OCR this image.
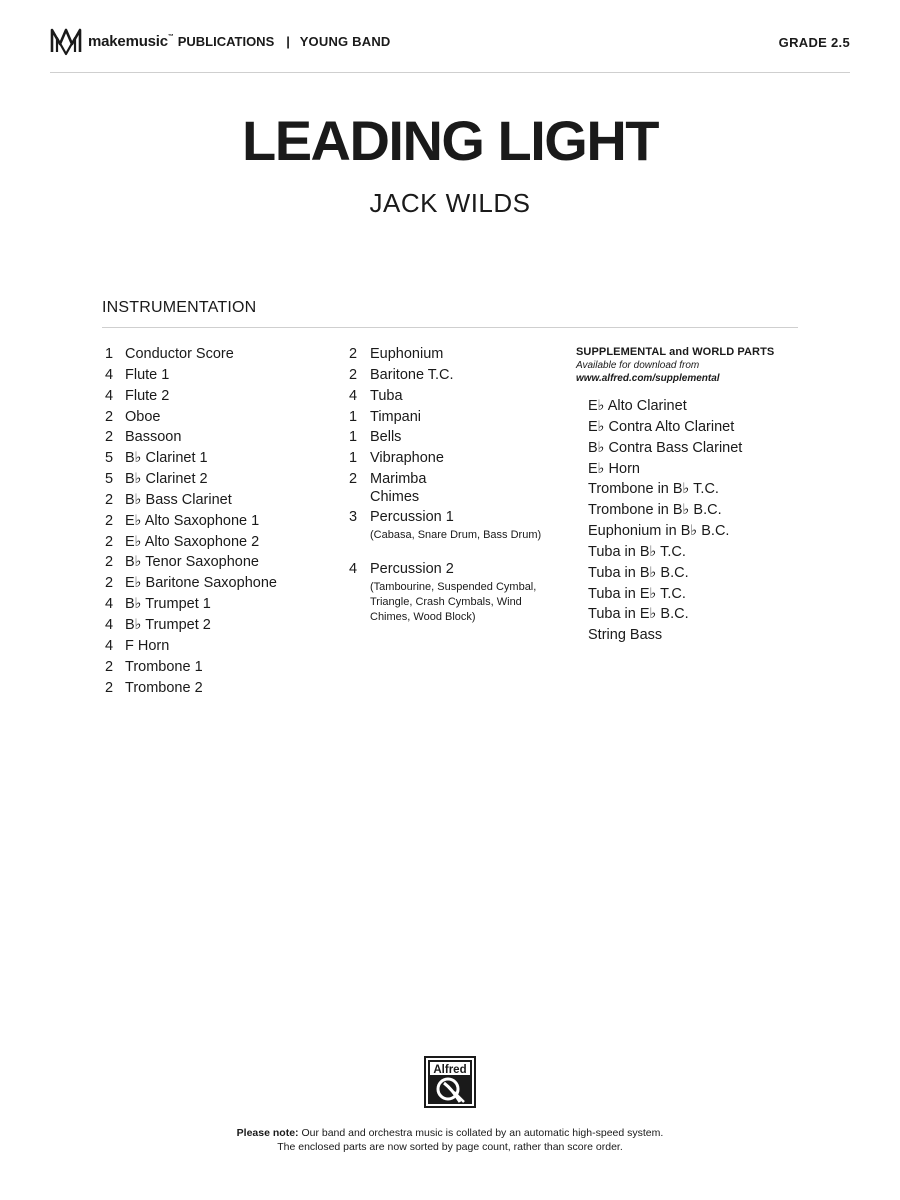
makemusic™ PUBLICATIONS | YOUNG BAND	GRADE 2.5
LEADING LIGHT
JACK WILDS
INSTRUMENTATION
1 Conductor Score
4 Flute 1
4 Flute 2
2 Oboe
2 Bassoon
5 B♭ Clarinet 1
5 B♭ Clarinet 2
2 B♭ Bass Clarinet
2 E♭ Alto Saxophone 1
2 E♭ Alto Saxophone 2
2 B♭ Tenor Saxophone
2 E♭ Baritone Saxophone
4 B♭ Trumpet 1
4 B♭ Trumpet 2
4 F Horn
2 Trombone 1
2 Trombone 2
2 Euphonium
2 Baritone T.C.
4 Tuba
1 Timpani
1 Bells
1 Vibraphone
2 Marimba
Chimes
3 Percussion 1
(Cabasa, Snare Drum, Bass Drum)
4 Percussion 2
(Tambourine, Suspended Cymbal, Triangle, Crash Cymbals, Wind Chimes, Wood Block)
SUPPLEMENTAL and WORLD PARTS
Available for download from
www.alfred.com/supplemental
E♭ Alto Clarinet
E♭ Contra Alto Clarinet
B♭ Contra Bass Clarinet
E♭ Horn
Trombone in B♭ T.C.
Trombone in B♭ B.C.
Euphonium in B♭ B.C.
Tuba in B♭ T.C.
Tuba in B♭ B.C.
Tuba in E♭ T.C.
Tuba in E♭ B.C.
String Bass
Alfred
Please note: Our band and orchestra music is collated by an automatic high-speed system.
The enclosed parts are now sorted by page count, rather than score order.
